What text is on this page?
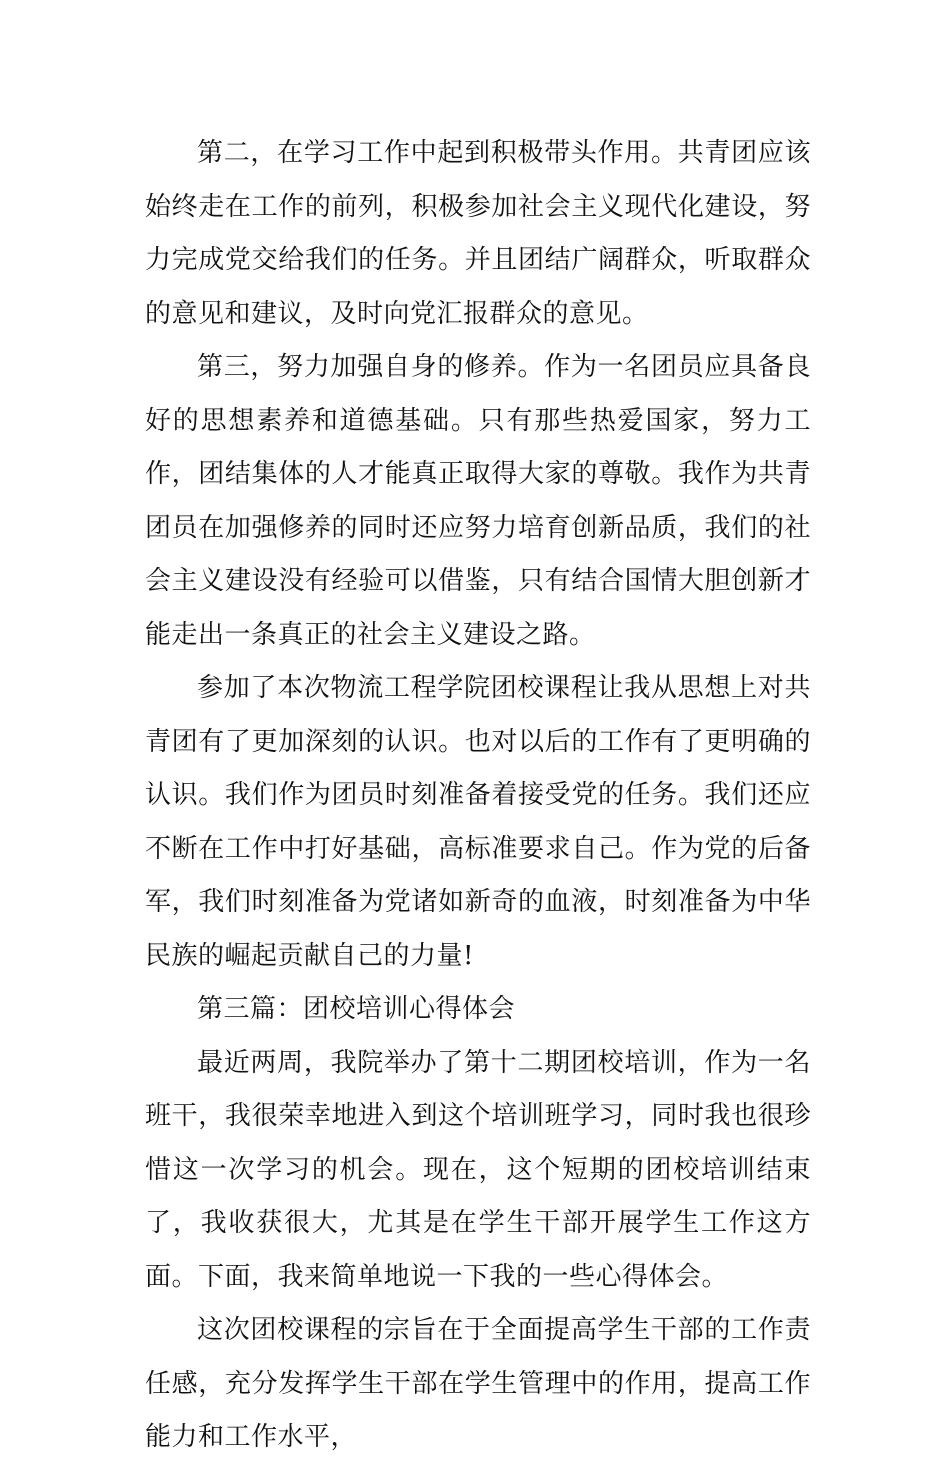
第二，在学习工作中起到积极带头作用。共青团应该始终走在工作的前列，积极参加社会主义现代化建设，努力完成党交给我们的任务。并且团结广阔群众，听取群众的意见和建议，及时向党汇报群众的意见。

第三，努力加强自身的修养。作为一名团员应具备良好的思想素养和道德基础。只有那些热爱国家，努力工作，团结集体的人才能真正取得大家的尊敬。我作为共青团员在加强修养的同时还应努力培育创新品质，我们的社会主义建设没有经验可以借鉴，只有结合国情大胆创新才能走出一条真正的社会主义建设之路。

参加了本次物流工程学院团校课程让我从思想上对共青团有了更加深刻的认识。也对以后的工作有了更明确的认识。我们作为团员时刻准备着接受党的任务。我们还应不断在工作中打好基础，高标准要求自己。作为党的后备军，我们时刻准备为党诸如新奇的血液，时刻准备为中华民族的崛起贡献自己的力量!

第三篇：团校培训心得体会

最近两周，我院举办了第十二期团校培训，作为一名班干，我很荣幸地进入到这个培训班学习，同时我也很珍惜这一次学习的机会。现在，这个短期的团校培训结束了，我收获很大，尤其是在学生干部开展学生工作这方面。下面，我来简单地说一下我的一些心得体会。

这次团校课程的宗旨在于全面提高学生干部的工作责任感，充分发挥学生干部在学生管理中的作用，提高工作能力和工作水平，
